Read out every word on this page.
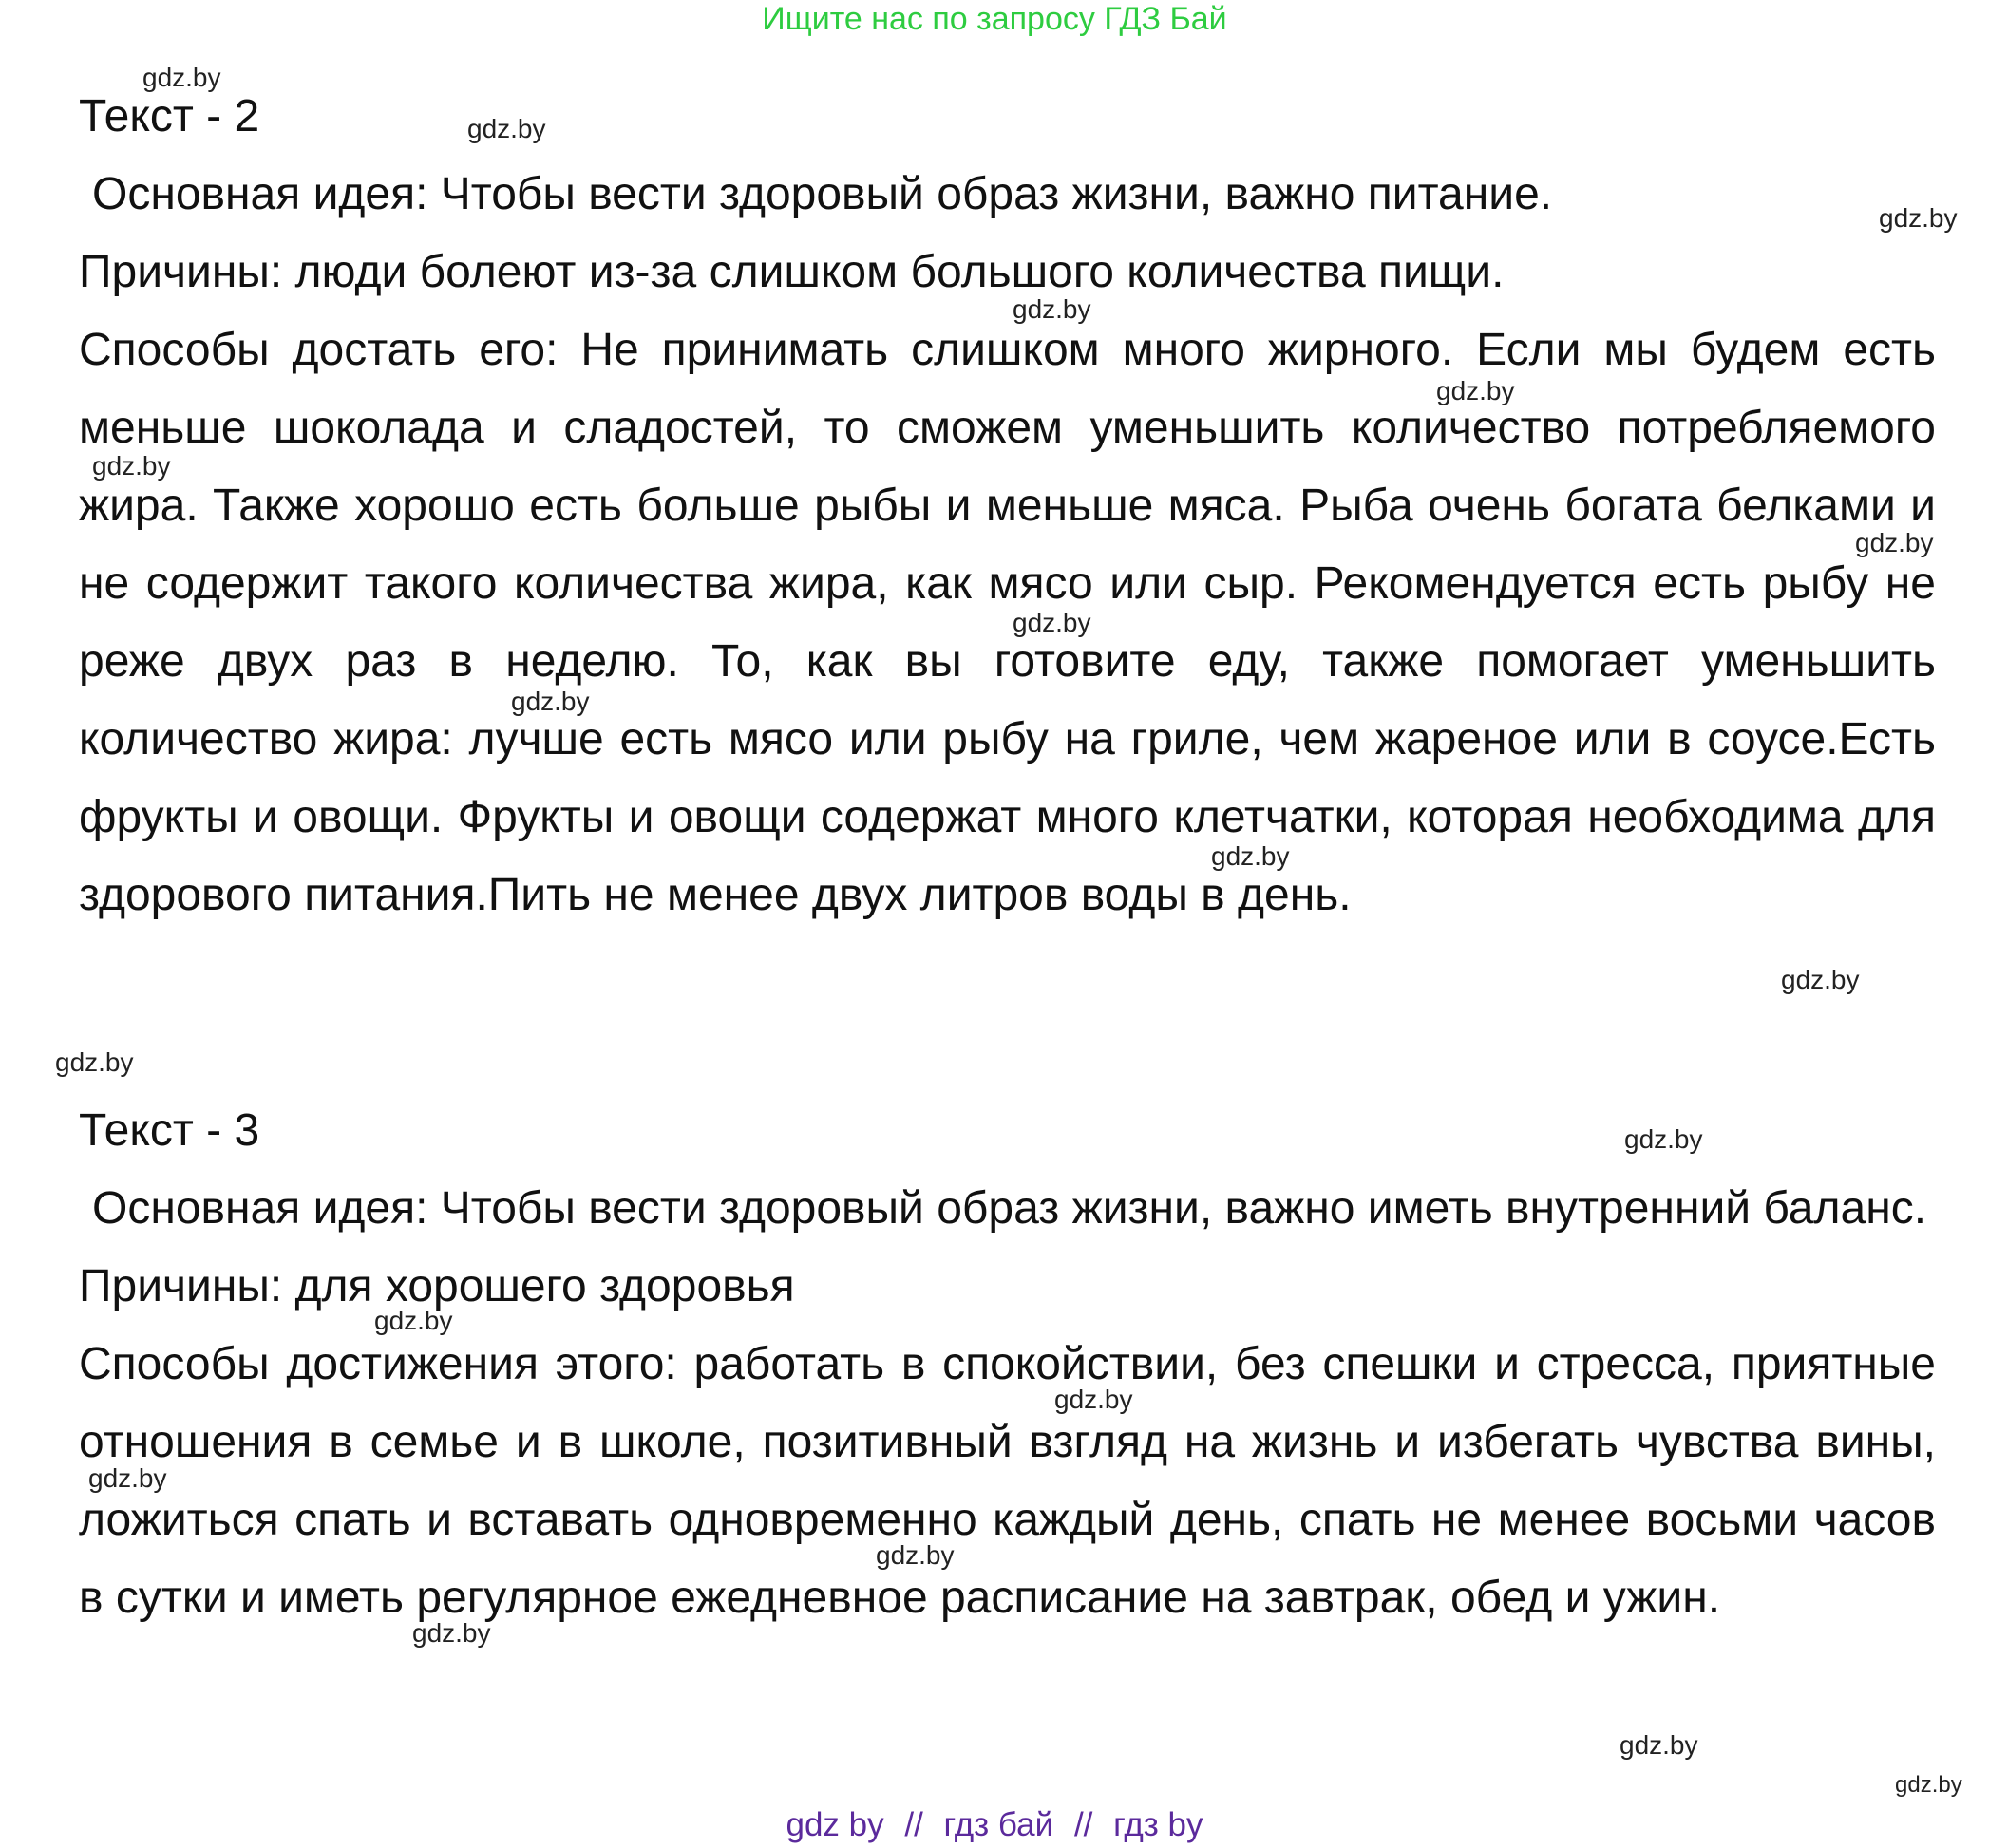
Ищите нас по запросу ГДЗ Бай
Текст - 2

Основная идея: Чтобы вести здоровый образ жизни, важно питание.

Причины: люди болеют из-за слишком большого количества пищи.

Способы достать его: Не принимать слишком много жирного. Если мы будем есть меньше шоколада и сладостей, то сможем уменьшить количество потребляемого жира. Также хорошо есть больше рыбы и меньше мяса. Рыба очень богата белками и не содержит такого количества жира, как мясо или сыр. Рекомендуется есть рыбу не реже двух раз в неделю. То, как вы готовите еду, также помогает уменьшить количество жира: лучше есть мясо или рыбу на гриле, чем жареное или в соусе.Есть фрукты и овощи. Фрукты и овощи содержат много клетчатки, которая необходима для здорового питания.Пить не менее двух литров воды в день.

Текст - 3

Основная идея: Чтобы вести здоровый образ жизни, важно иметь внутренний баланс.

Причины: для хорошего здоровья

Способы достижения этого: работать в спокойствии, без спешки и стресса, приятные отношения в семье и в школе, позитивный взгляд на жизнь и избегать чувства вины, ложиться спать и вставать одновременно каждый день, спать не менее восьми часов в сутки и иметь регулярное ежедневное расписание на завтрак, обед и ужин.

gdz.by
gdz.by
gdz.by
gdz.by
gdz.by
gdz.by
gdz.by
gdz.by
gdz.by
gdz.by
gdz.by
gdz.by
gdz.by
gdz.by
gdz.by
gdz.by
gdz.by
gdz.by
gdz.by
gdz.by
gdz by // гдз бай // гдз by
